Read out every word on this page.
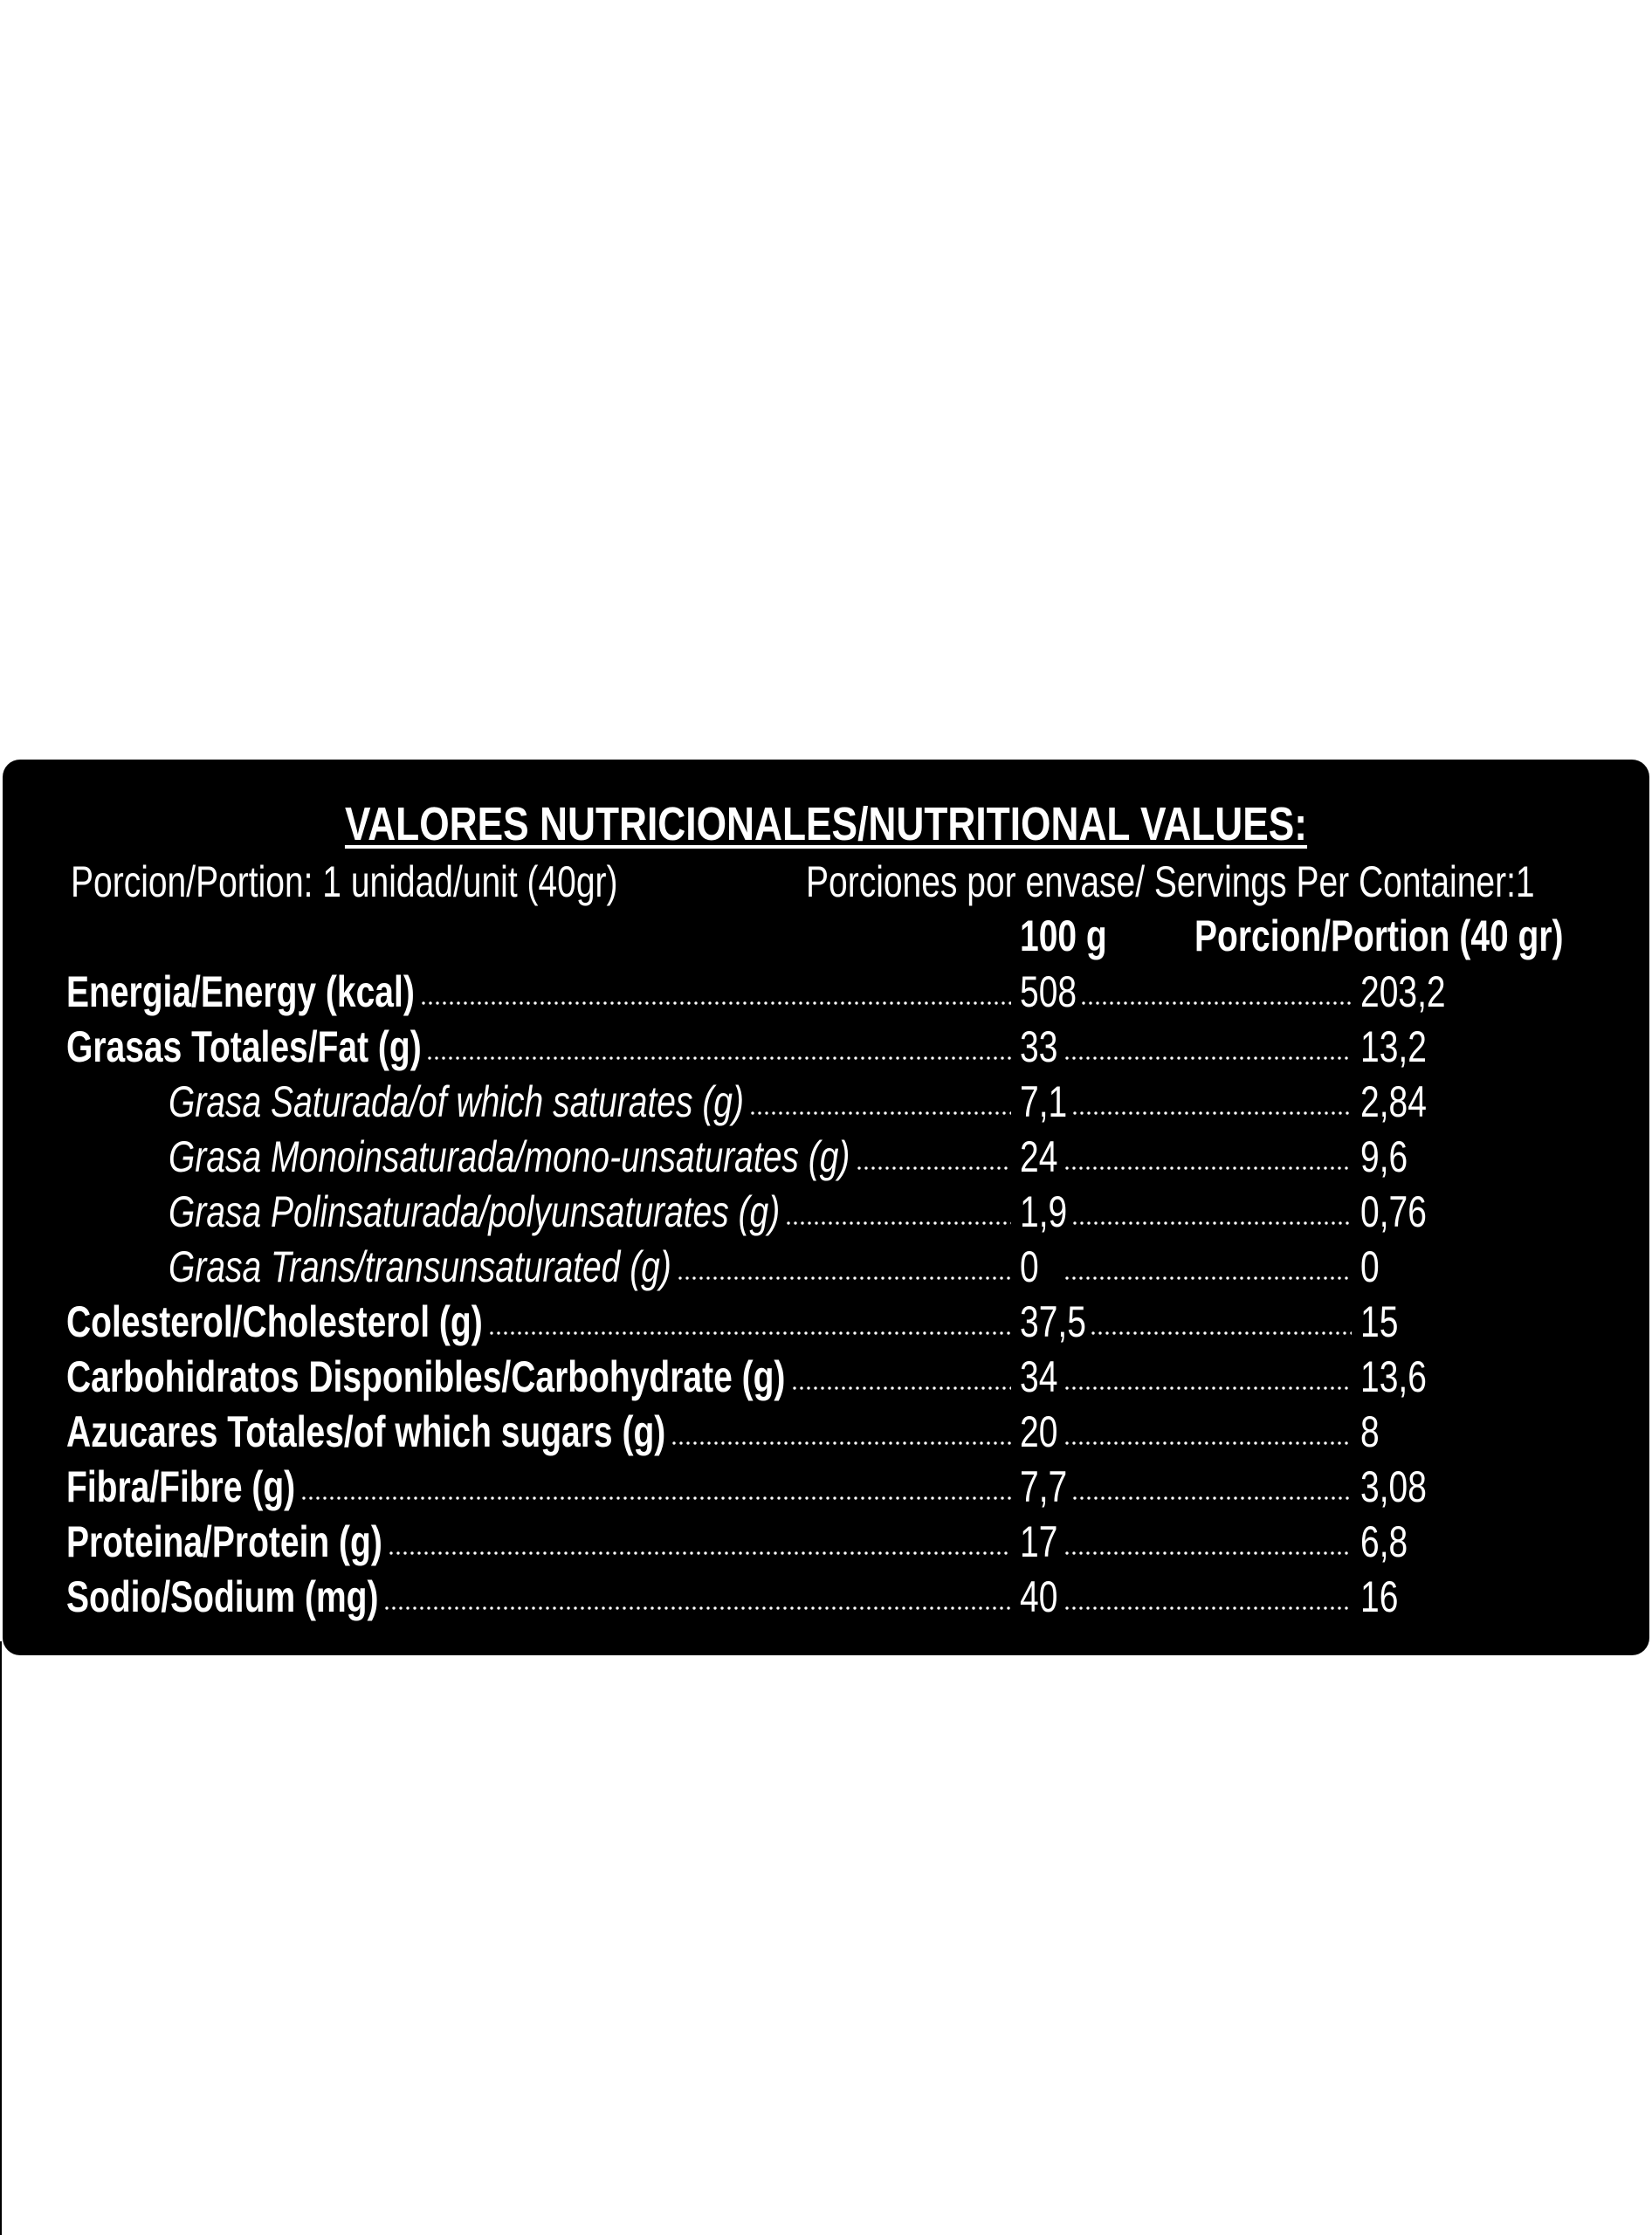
VALORES NUTRICIONALES/NUTRITIONAL VALUES:
Porcion/Portion: 1 unidad/unit (40gr)	Porciones por envase/ Servings Per Container:1
100 g Porcion/Portion (40 gr)
Energia/Energy (kcal)	508	203,2
Grasas Totales/Fat (g)	33	13,2
Grasa Saturada/of which saturates (g)	7,1	2,84
Grasa Monoinsaturada/mono-unsaturates (g)	24	9,6
Grasa Polinsaturada/polyunsaturates (g)	1,9	0,76
Grasa Trans/transunsaturated (g)	0	0
Colesterol/Cholesterol (g)	37,5	15
Carbohidratos Disponibles/Carbohydrate (g)	34	13,6
Azucares Totales/of which sugars (g)	20	8
Fibra/Fibre (g)	7,7	3,08
Proteina/Protein (g)	17	6,8
Sodio/Sodium (mg)	40	16
